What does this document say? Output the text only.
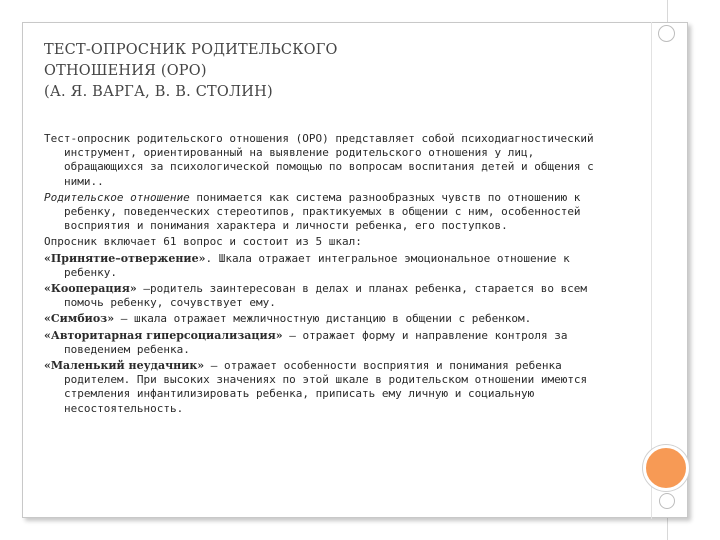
ТЕСТ-ОПРОСНИК РОДИТЕЛЬСКОГО
ОТНОШЕНИЯ (ОРО)
(А. Я. ВАРГА, В. В. СТОЛИН)

Тест-опросник родительского отношения (ОРО) представляет собой психодиагностический инструмент, ориентированный на выявление родительского отношения у лиц, обращающихся за психологической помощью по вопросам воспитания детей и общения с ними..

Родительское отношение понимается как система разнообразных чувств по отношению к ребенку, поведенческих стереотипов, практикуемых в общении с ним, особенностей восприятия и понимания характера и личности ребенка, его поступков.

Опросник включает 61 вопрос и состоит из 5 шкал:

«Принятие–отвержение». Шкала отражает интегральное эмоциональное отношение к ребенку.

«Кооперация» –родитель заинтересован в делах и планах ребенка, старается во всем помочь ребенку, сочувствует ему.

«Симбиоз» – шкала отражает межличностную дистанцию в общении с ребенком.

«Авторитарная гиперсоциализация» – отражает форму и направление контроля за поведением ребенка.

«Маленький неудачник» – отражает особенности восприятия и понимания ребенка родителем. При высоких значениях по этой шкале в родительском отношении имеются стремления инфантилизировать ребенка, приписать ему личную и социальную несостоятельность.
